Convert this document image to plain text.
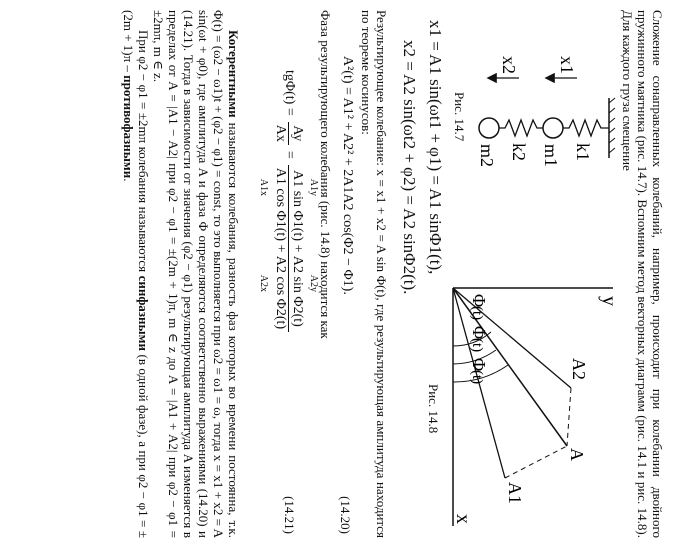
Сложение сонаправленных колебаний, например, происходит при колебании двойного пружинного маятника (рис. 14.7). Вспомним метод векторных диаграмм (рис. 14.1 и рис. 14.8). Для каждого груза смещение
x1
x2
k1
k2 m1
m2
Рис. 14.7
x1 = A1 sin(ωt1 + φ1) = A1 sinΦ1(t),
x2 = A2 sin(ωt2 + φ2) = A2 sinΦ2(t).
y
x
A
A2
A1
Φ
(t)
Φ
(t)
Φ
(t)
Рис. 14.8
Результирующее колебание: x = x1 + x2 = A sin Φ(t), где результирующая амплитуда находится по теореме косинусов:
A²(t) = A1² + A2² + 2A1A2 cos(Φ2 − Φ1).
(14.20)
Фаза результирующего колебания (рис. 14.8) находится как
tgΦ(t) =
Ay
Ax
=
A1y
A2y
A1 sin Φ1(t) + A2 sin Φ2(t)
A1 cos Φ1(t) + A2 cos Φ2(t)
A1x
A2x
(14.21)
Когерентными называются колебания, разность фаз которых во времени постоянна, т.к. Φ(t) = (ω2 − ω1)t + (φ2 − φ1) = const, то это выполняется при ω2 = ω1 = ω, тогда x = x1 + x2 = A sin(ωt + φ0), где амплитуда A и фаза Φ определяются соответственно выражениями (14.20) и (14.21). Тогда в зависимости от значения (φ2 − φ1) результирующая амплитуда A изменяется в пределах от A = |A1 − A2| при φ2 − φ1 = ±(2m + 1)π, m ∈ z до A = |A1 + A2| при φ2 − φ1 = ±2mπ, m ∈ z.
При φ2 − φ1 = ±2mπ колебания называются синфазными (в одной фазе), а при φ2 − φ1 = ±(2m + 1)π – противофазными.
